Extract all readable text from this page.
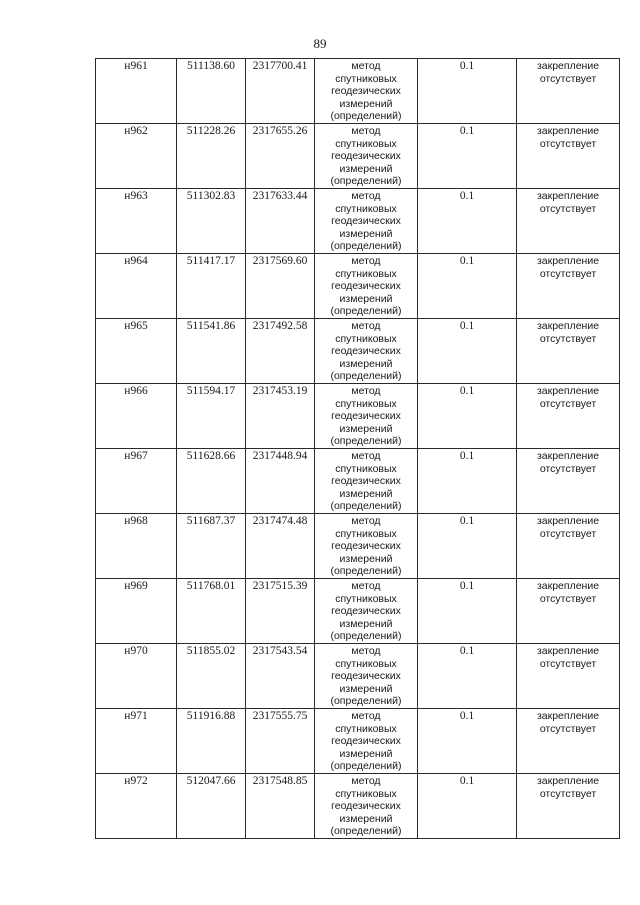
89
н961	511138.60	2317700.41	метод
спутниковых
геодезических
измерений
(определений)	0.1	закрепление
отсутствует
н962	511228.26	2317655.26	метод
спутниковых
геодезических
измерений
(определений)	0.1	закрепление
отсутствует
н963	511302.83	2317633.44	метод
спутниковых
геодезических
измерений
(определений)	0.1	закрепление
отсутствует
н964	511417.17	2317569.60	метод
спутниковых
геодезических
измерений
(определений)	0.1	закрепление
отсутствует
н965	511541.86	2317492.58	метод
спутниковых
геодезических
измерений
(определений)	0.1	закрепление
отсутствует
н966	511594.17	2317453.19	метод
спутниковых
геодезических
измерений
(определений)	0.1	закрепление
отсутствует
н967	511628.66	2317448.94	метод
спутниковых
геодезических
измерений
(определений)	0.1	закрепление
отсутствует
н968	511687.37	2317474.48	метод
спутниковых
геодезических
измерений
(определений)	0.1	закрепление
отсутствует
н969	511768.01	2317515.39	метод
спутниковых
геодезических
измерений
(определений)	0.1	закрепление
отсутствует
н970	511855.02	2317543.54	метод
спутниковых
геодезических
измерений
(определений)	0.1	закрепление
отсутствует
н971	511916.88	2317555.75	метод
спутниковых
геодезических
измерений
(определений)	0.1	закрепление
отсутствует
н972	512047.66	2317548.85	метод
спутниковых
геодезических
измерений
(определений)	0.1	закрепление
отсутствует
